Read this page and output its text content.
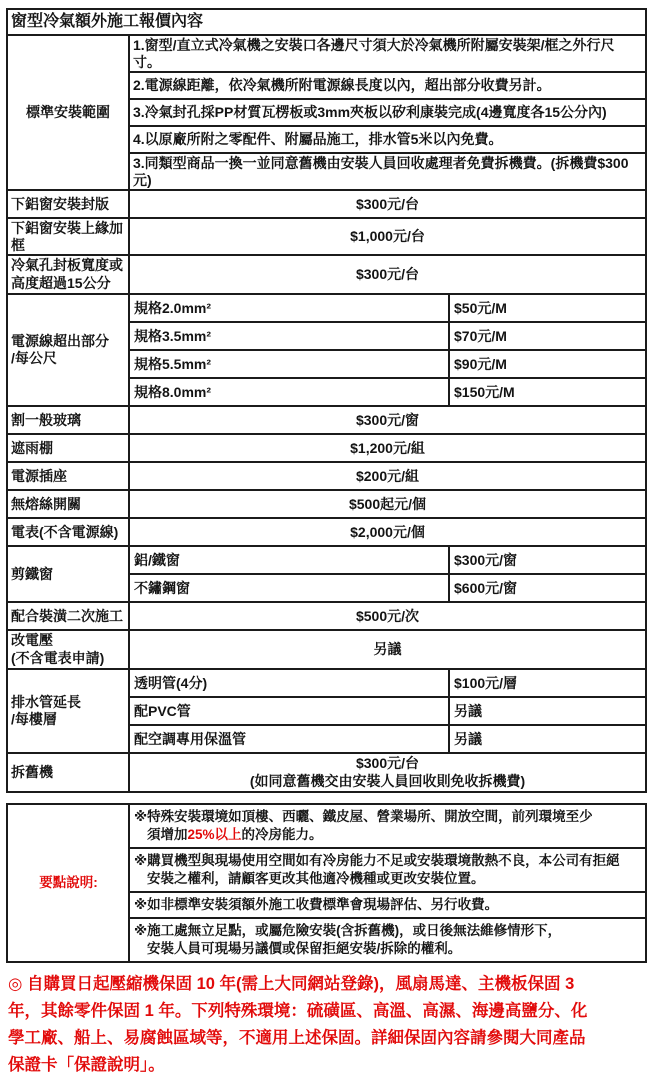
窗型冷氣額外施工報價內容		
標準安裝範圍	1.窗型/直立式冷氣機之安裝口各邊尺寸須大於冷氣機所附屬安裝架/框之外行尺寸。	
	2.電源線距離，依冷氣機所附電源線長度以內，超出部分收費另計。	
	3.冷氣封孔採PP材質瓦楞板或3mm夾板以矽利康裝完成(4邊寬度各15公分內)	
	4.以原廠所附之零配件、附屬品施工，排水管5米以內免費。	
	3.同類型商品一換一並同意舊機由安裝人員回收處理者免費拆機費。(拆機費$300元)	
下鋁窗安裝封版	$300元/台	
下鋁窗安裝上緣加框	$1,000元/台	
冷氣孔封板寬度或高度超過15公分	$300元/台	

電源線超出部分
/每公尺	規格2.0mm²	$50元/M
	規格3.5mm²	$70元/M
	規格5.5mm²	$90元/M
	規格8.0mm²	$150元/M
割一般玻璃	$300元/窗	
遮雨棚	$1,200元/組	
電源插座	$200元/組	
無熔絲開關	$500起元/個	
電表(不含電源線)	$2,000元/個	
剪鐵窗	鋁/鐵窗	$300元/窗
	不鏽鋼窗	$600元/窗
配合裝潢二次施工	$500元/次	

改電壓
(不含電表申請)	另議	

排水管延長
/每樓層	透明管(4分)	$100元/層
	配PVC管	另議
	配空調專用保溫管	另議
拆舊機	$300元/台
(如同意舊機交由安裝人員回收則免收拆機費)	
要點說明:	
※特殊安裝環境如頂樓、西曬、鐵皮屋、營業場所、開放空間，前列環境至少
須增加25%以上的冷房能力。

※購買機型與現場使用空間如有冷房能力不足或安裝環境散熱不良，本公司有拒絕
安裝之權利，請顧客更改其他適冷機種或更改安裝位置。

※如非標準安裝須額外施工收費標準會現場評估、另行收費。

※施工處無立足點，或屬危險安裝(含拆舊機)，或日後無法維修情形下，
安裝人員可現場另議價或保留拒絕安裝/拆除的權利。
◎ 自購買日起壓縮機保固 10 年(需上大同網站登錄)，風扇馬達、主機板保固 3
年，其餘零件保固 1 年。下列特殊環境：硫磺區、高溫、高濕、海邊高鹽分、化
學工廠、船上、易腐蝕區域等，不適用上述保固。詳細保固內容請參閱大同產品
保證卡「保證說明」。
